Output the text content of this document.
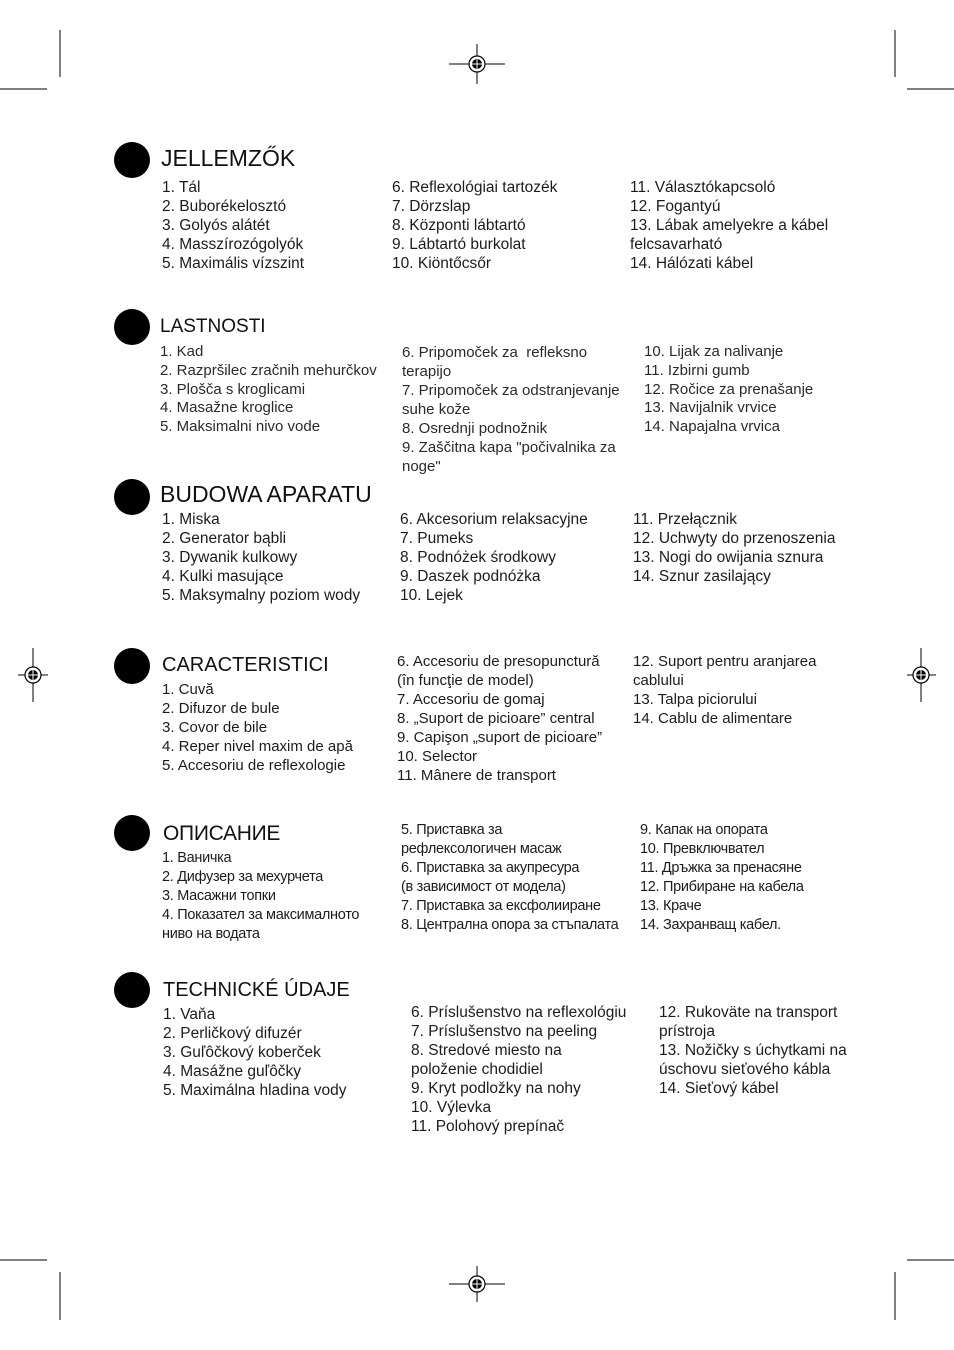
JELLEMZŐK
1. Tál
2. Buborékelosztó
3. Golyós alátét
4. Masszírozógolyók
5. Maximális vízszint
6. Reflexológiai tartozék
7. Dörzslap
8. Központi lábtartó
9. Lábtartó burkolat
10. Kiöntőcsőr
11. Választókapcsoló
12. Fogantyú
13. Lábak amelyekre a kábel
felcsavarható
14. Hálózati kábel
LASTNOSTI
1. Kad
2. Razpršilec zračnih mehurčkov
3. Plošča s kroglicami
4. Masažne kroglice
5. Maksimalni nivo vode
6. Pripomoček za  refleksno
terapijo
7. Pripomoček za odstranjevanje
suhe kože
8. Osrednji podnožnik
9. Zaščitna kapa "počivalnika za
noge"
10. Lijak za nalivanje
11. Izbirni gumb
12. Ročice za prenašanje
13. Navijalnik vrvice
14. Napajalna vrvica
BUDOWA APARATU
1. Miska
2. Generator bąbli
3. Dywanik kulkowy
4. Kulki masujące
5. Maksymalny poziom wody
6. Akcesorium relaksacyjne
7. Pumeks
8. Podnóżek środkowy
9. Daszek podnóżka
10. Lejek
11. Przełącznik
12. Uchwyty do przenoszenia
13. Nogi do owijania sznura
14. Sznur zasilający
CARACTERISTICI
1. Cuvă
2. Difuzor de bule
3. Covor de bile
4. Reper nivel maxim de apă
5. Accesoriu de reflexologie
6. Accesoriu de presopunctură
(în funcţie de model)
7. Accesoriu de gomaj
8. „Suport de picioare” central
9. Capişon „suport de picioare”
10. Selector
11. Mânere de transport
12. Suport pentru aranjarea
cablului
13. Talpa piciorului
14. Cablu de alimentare
ОПИСАНИЕ
1. Ваничка
2. Дифузер за мехурчета
3. Масажни топки
4. Показател за максималното
ниво на водата
5. Приставка за
рефлексологичен масаж
6. Приставка за акупресура
(в зависимост от модела)
7. Приставка за ексфолииране
8. Централна опора за стъпалата
9. Капак на опората
10. Превключвател
11. Дръжка за пренасяне
12. Прибиране на кабела
13. Краче
14. Захранващ кабел.
TECHNICKÉ ÚDAJE
1. Vaňa
2. Perličkový difuzér
3. Guľôčkový koberček
4. Masážne guľôčky
5. Maximálna hladina vody
6. Príslušenstvo na reflexológiu
7. Príslušenstvo na peeling
8. Stredové miesto na
položenie chodidiel
9. Kryt podložky na nohy
10. Výlevka
11. Polohový prepínač
12. Rukoväte na transport
prístroja
13. Nožičky s úchytkami na
úschovu sieťového kábla
14. Sieťový kábel
